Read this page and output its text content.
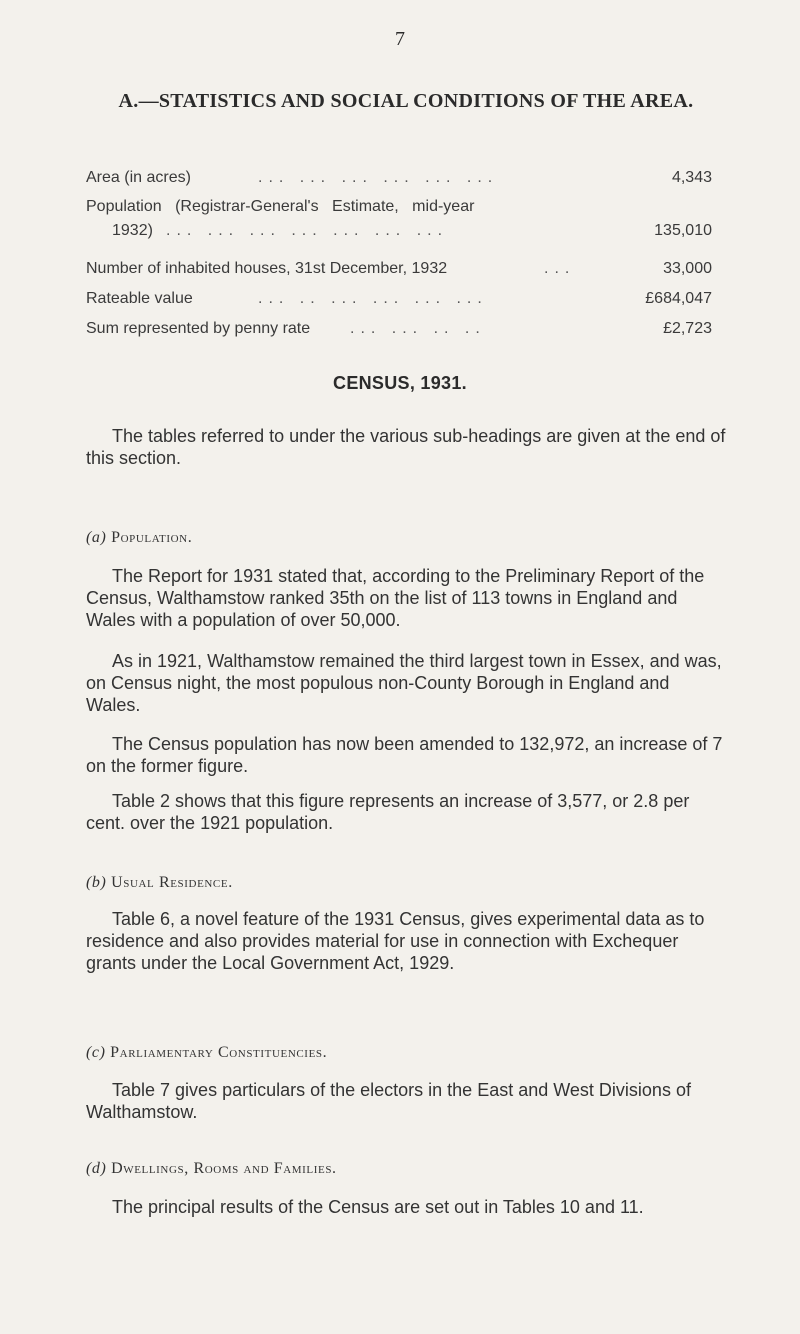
7
A.—STATISTICS AND SOCIAL CONDITIONS OF THE AREA.
Area (in acres)	... ... ... ... ... ...	4,343
Population (Registrar-General's Estimate, mid-year
1932) ... ... ... ... ... ... ...	135,010
Number of inhabited houses, 31st December, 1932	...	33,000
Rateable value	... .. ... ... ... ...	£684,047
Sum represented by penny rate ... ... .. ..	£2,723
CENSUS, 1931.
The tables referred to under the various sub-headings are given at the end of this section.
(a) Population.
The Report for 1931 stated that, according to the Preliminary Report of the Census, Walthamstow ranked 35th on the list of 113 towns in England and Wales with a population of over 50,000.
As in 1921, Walthamstow remained the third largest town in Essex, and was, on Census night, the most populous non-County Borough in England and Wales.
The Census population has now been amended to 132,972, an increase of 7 on the former figure.
Table 2 shows that this figure represents an increase of 3,577, or 2.8 per cent. over the 1921 population.
(b) Usual Residence.
Table 6, a novel feature of the 1931 Census, gives experimental data as to residence and also provides material for use in connection with Exchequer grants under the Local Government Act, 1929.
(c) Parliamentary Constituencies.
Table 7 gives particulars of the electors in the East and West Divisions of Walthamstow.
(d) Dwellings, Rooms and Families.
The principal results of the Census are set out in Tables 10 and 11.
